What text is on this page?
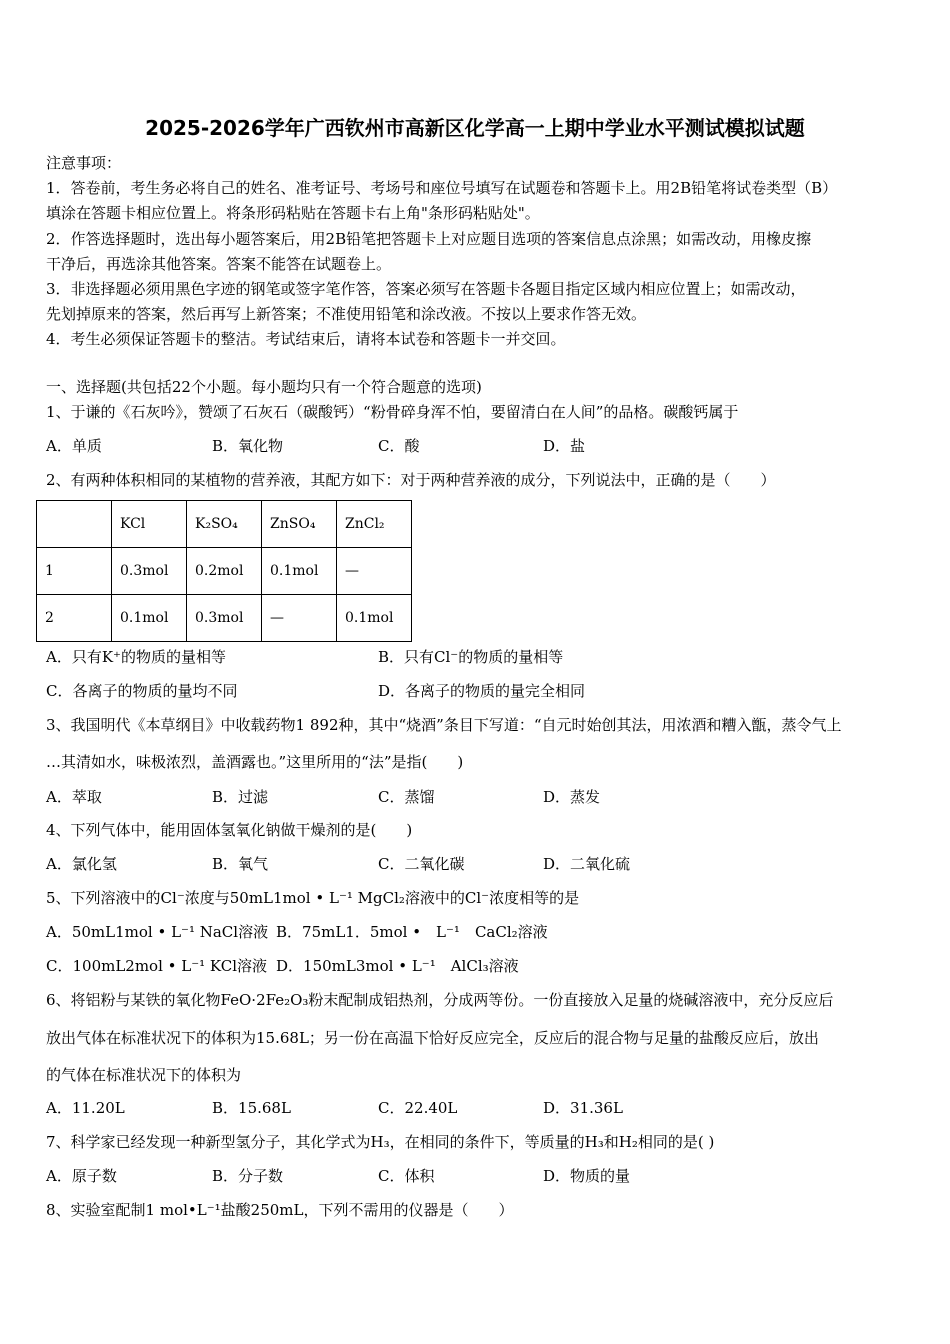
2025-2026学年广西钦州市高新区化学高一上期中学业水平测试模拟试题
注意事项：
1．答卷前，考生务必将自己的姓名、准考证号、考场号和座位号填写在试题卷和答题卡上。用2B铅笔将试卷类型（B）
填涂在答题卡相应位置上。将条形码粘贴在答题卡右上角"条形码粘贴处"。
2．作答选择题时，选出每小题答案后，用2B铅笔把答题卡上对应题目选项的答案信息点涂黑；如需改动，用橡皮擦
干净后，再选涂其他答案。答案不能答在试题卷上。
3．非选择题必须用黑色字迹的钢笔或签字笔作答，答案必须写在答题卡各题目指定区域内相应位置上；如需改动，
先划掉原来的答案，然后再写上新答案；不准使用铅笔和涂改液。不按以上要求作答无效。
4．考生必须保证答题卡的整洁。考试结束后，请将本试卷和答题卡一并交回。
一、选择题(共包括22个小题。每小题均只有一个符合题意的选项)
1、于谦的《石灰吟》，赞颂了石灰石（碳酸钙）“粉骨碎身浑不怕，要留清白在人间”的品格。碳酸钙属于
A．单质	B．氧化物	C．酸	D．盐
2、有两种体积相同的某植物的营养液，其配方如下：对于两种营养液的成分，下列说法中，正确的是（　　）
	KCl	K₂SO₄	ZnSO₄	ZnCl₂
1	0.3mol	0.2mol	0.1mol	—
2	0.1mol	0.3mol	—	0.1mol
A．只有K⁺的物质的量相等	B．只有Cl⁻的物质的量相等
C．各离子的物质的量均不同	D．各离子的物质的量完全相同
3、我国明代《本草纲目》中收载药物1 892种，其中“烧酒”条目下写道：“自元时始创其法，用浓酒和糟入甑，蒸令气上
…其清如水，味极浓烈，盖酒露也。”这里所用的“法”是指(　　)
A．萃取	B．过滤	C．蒸馏	D．蒸发
4、下列气体中，能用固体氢氧化钠做干燥剂的是(　　)
A．氯化氢	B．氧气	C．二氧化碳	D．二氧化硫
5、下列溶液中的Cl⁻浓度与50mL1mol • L⁻¹ MgCl₂溶液中的Cl⁻浓度相等的是
A．50mL1mol • L⁻¹ NaCl溶液 B．75mL1．5mol •　L⁻¹　CaCl₂溶液
C．100mL2mol • L⁻¹ KCl溶液 D．150mL3mol • L⁻¹　AlCl₃溶液
6、将铝粉与某铁的氧化物FeO·2Fe₂O₃粉末配制成铝热剂，分成两等份。一份直接放入足量的烧碱溶液中，充分反应后
放出气体在标准状况下的体积为15.68L；另一份在高温下恰好反应完全，反应后的混合物与足量的盐酸反应后，放出
的气体在标准状况下的体积为
A．11.20L	B．15.68L	C．22.40L	D．31.36L
7、科学家已经发现一种新型氢分子，其化学式为H₃，在相同的条件下，等质量的H₃和H₂相同的是( )
A．原子数	B．分子数	C．体积	D．物质的量
8、实验室配制1 mol•L⁻¹盐酸250mL，下列不需用的仪器是（　　）
